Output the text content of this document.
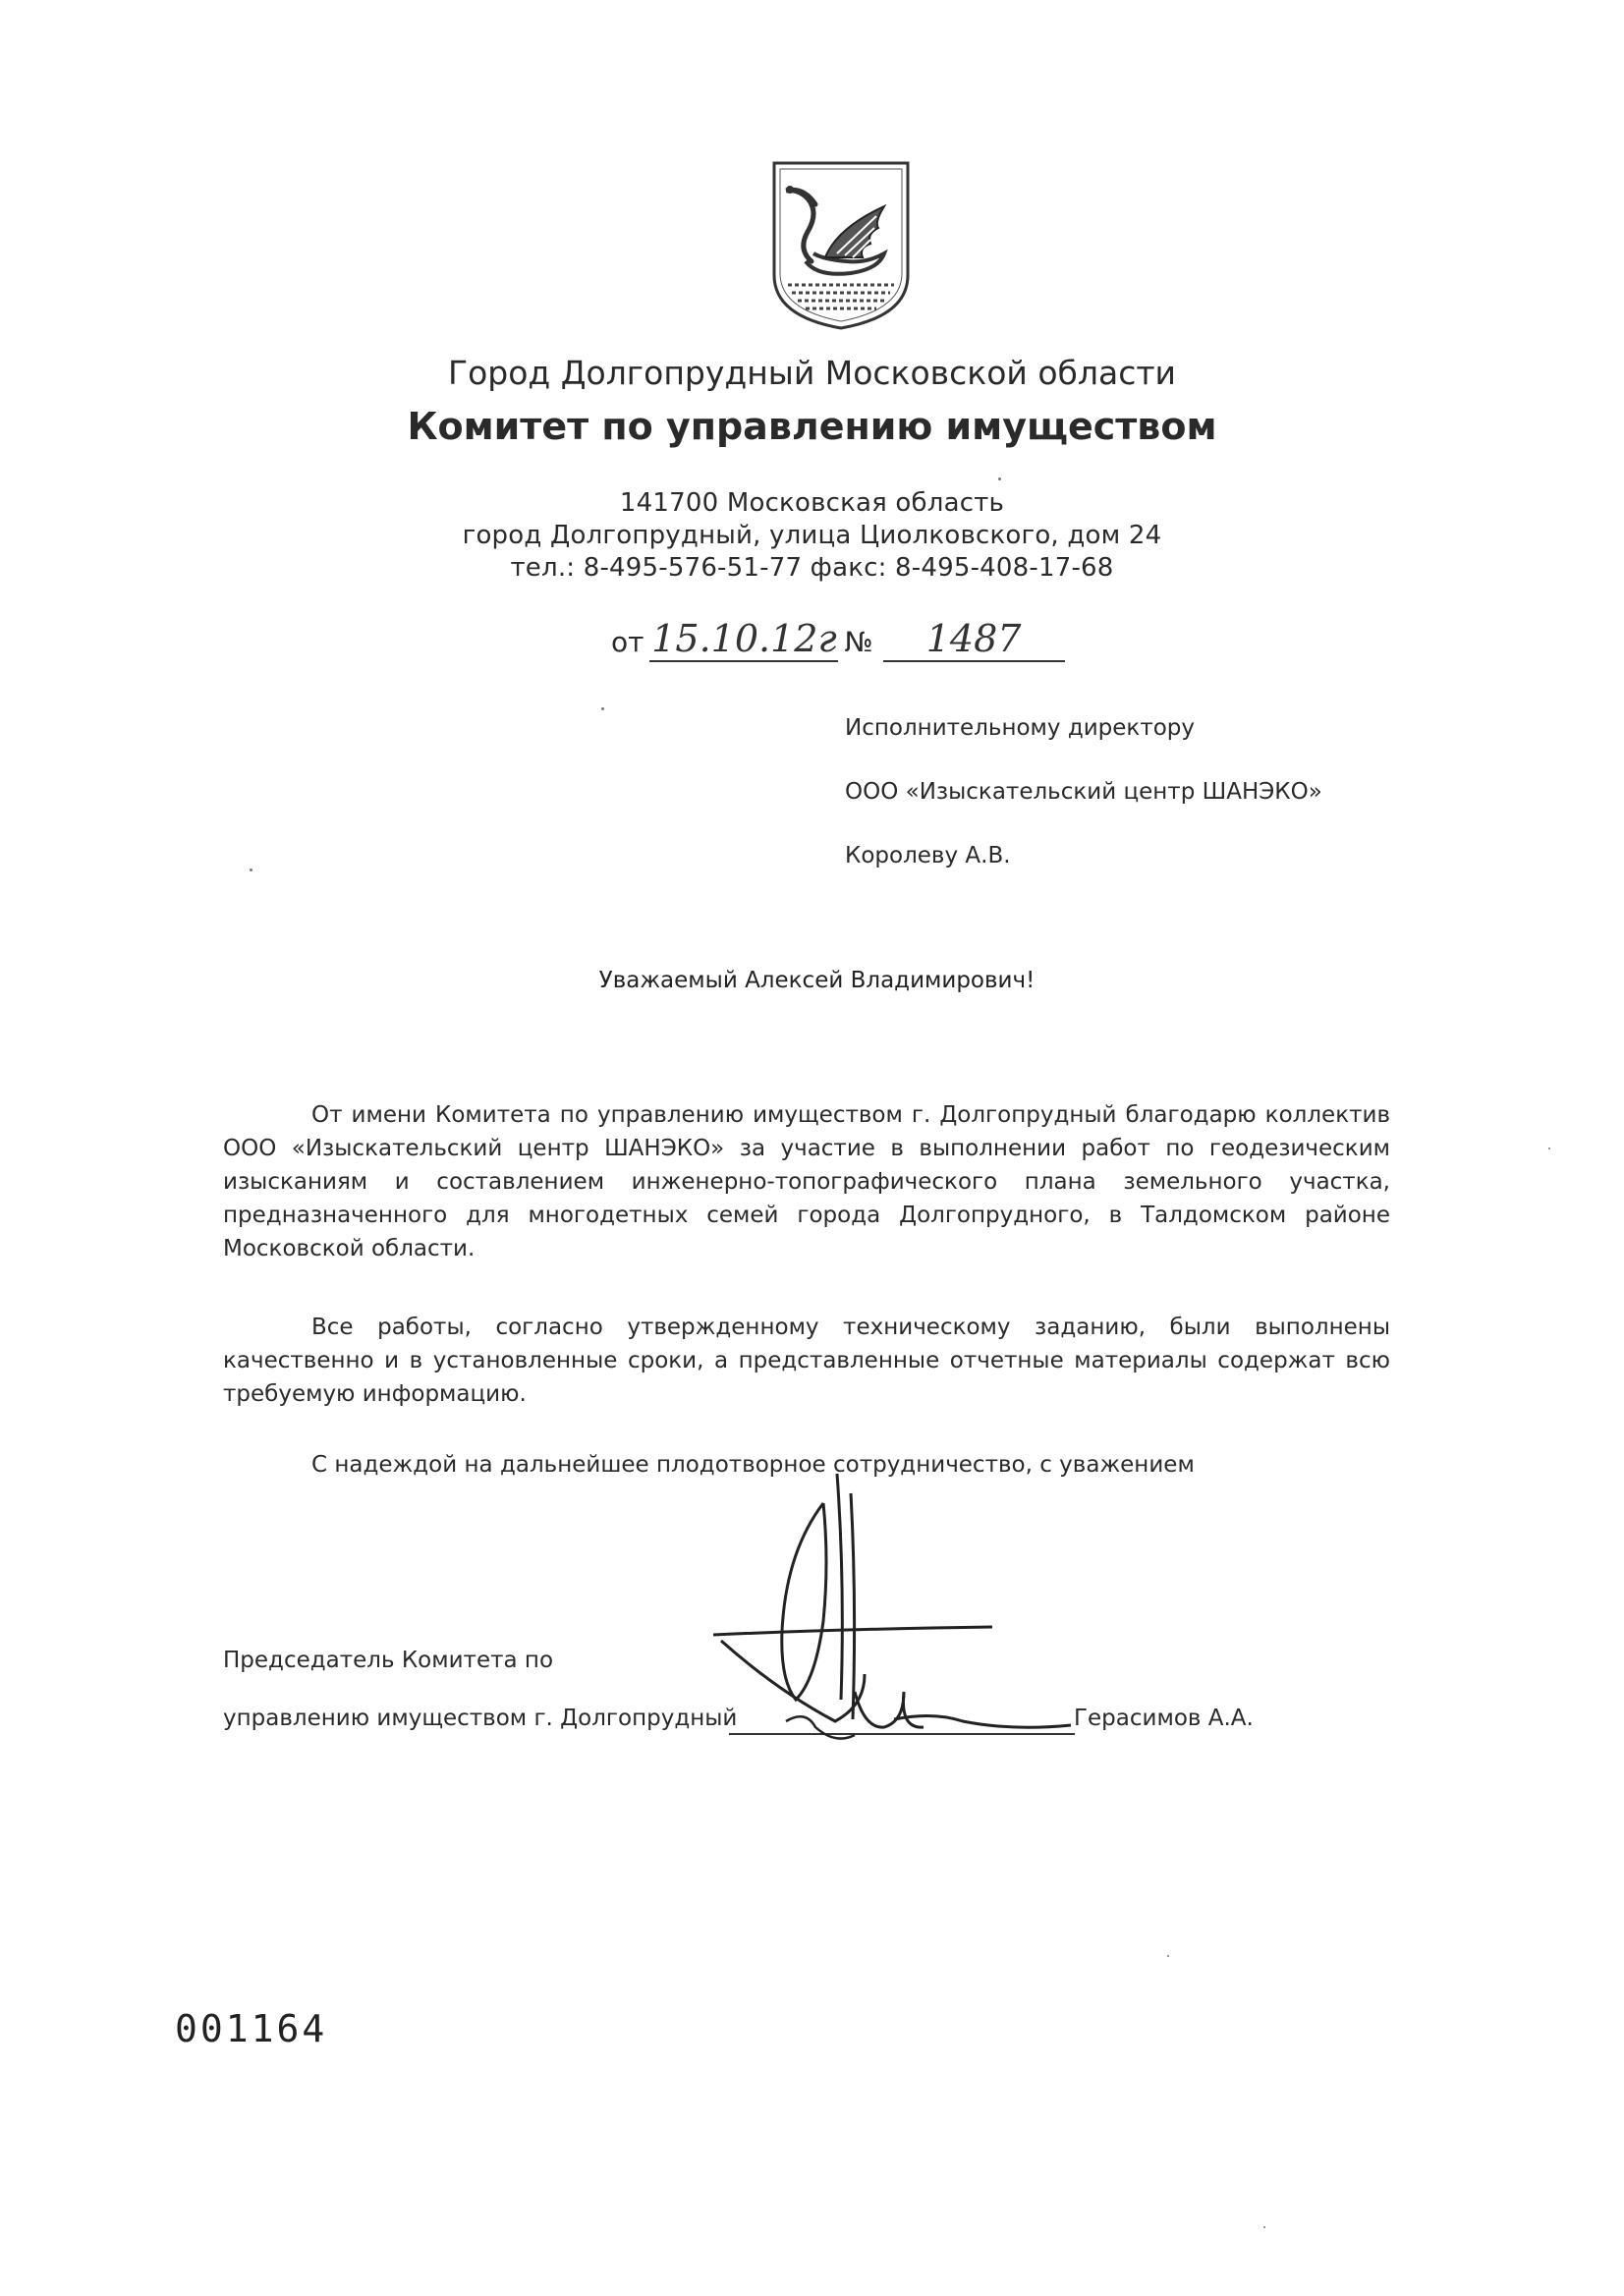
Город Долгопрудный Московской области
Комитет по управлению имуществом
141700 Московская область
город Долгопрудный, улица Циолковского, дом 24
тел.: 8-495-576-51-77 факс: 8-495-408-17-68
от 15.10.12г № 1487
Исполнительному директору
ООО «Изыскательский центр ШАНЭКО»
Королеву А.В.
Уважаемый Алексей Владимирович!
От имени Комитета по управлению имуществом г. Долгопрудный благодарю коллектив ООО «Изыскательский центр ШАНЭКО» за участие в выполнении работ по геодезическим изысканиям и составлением инженерно-топографического плана земельного участка, предназначенного для многодетных семей города Долгопрудного, в Талдомском районе Московской области.
Все работы, согласно утвержденному техническому заданию, были выполнены качественно и в установленные сроки, а представленные отчетные материалы содержат всю требуемую информацию.
С надеждой на дальнейшее плодотворное сотрудничество, с уважением
Председатель Комитета по
управлению имуществом г. Долгопрудный	Герасимов А.А.
001164
